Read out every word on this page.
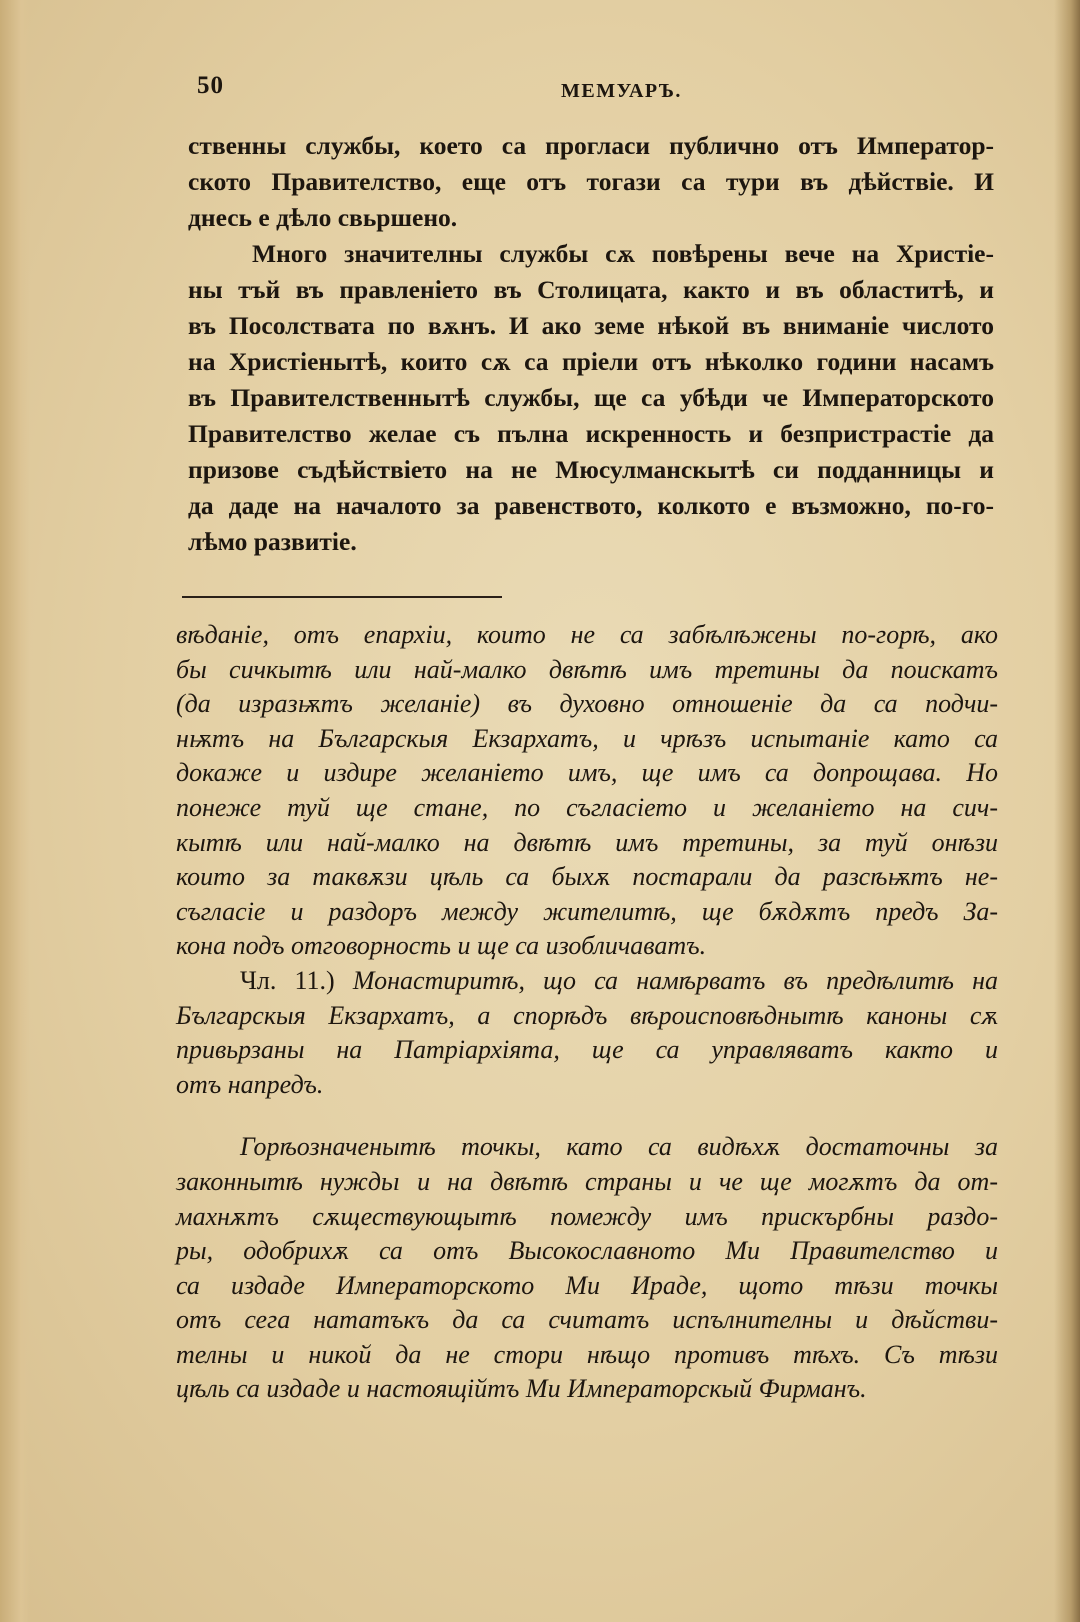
50	МЕМУАРЪ.
ственны службы, което са прогласи публично отъ Император-
ското Правителство, еще отъ тогази са тури въ дѣйствіе. И
днесь е дѣло свьршено.
Много значителны службы сѫ повѣрены вече на Христіе-
ны тъй въ правленіето въ Столицата, както и въ областитѣ, и
въ Посолствата по вѫнъ. И ако земе нѣкой въ вниманіе числото
на Христіенытѣ, които сѫ са пріели отъ нѣколко години насамъ
въ Правителственнытѣ службы, ще са убѣди че Императорското
Правителство желае съ пълна искренность и безпристрастіе да
призове съдѣйствіето на не Мюсулманскытѣ си подданницы и
да даде на началото за равенството, колкото е възможно, по-го-
лѣмо развитіе.
вѣданіе, отъ епархіи, които не са забѣлѣжены по-горѣ, ако
бы сичкытѣ или най-малко двѣтѣ имъ третины да поискатъ
(да изразѭтъ желаніе) въ духовно отношеніе да са подчи-
нѭтъ на Българскыя Екзархатъ, и чрѣзъ испытаніе като са
докаже и издире желаніето имъ, ще имъ са допрощава. Но
понеже туй ще стане, по съгласіето и желаніето на сич-
кытѣ или най-малко на двѣтѣ имъ третины, за туй онѣзи
които за таквѫзи цѣль са быхѫ постарали да разсѣѭтъ не-
съгласіе и раздоръ между жителитѣ, ще бѫдѫтъ предъ За-
кона подъ отговорность и ще са изобличаватъ.
Чл. 11.) Монастиритѣ, що са намѣрватъ въ предѣлитѣ на
Българскыя Екзархатъ, а спорѣдъ вѣроисповѣднытѣ каноны сѫ
привьрзаны на Патріархіята, ще са управляватъ както и
отъ напредъ.
Горѣозначенытѣ точкы, като са видѣхѫ достаточны за
законнытѣ нуждьı и на двѣтѣ страны и че ще могѫтъ да от-
махнѫтъ сѫществующытѣ помежду имъ прискърбны раздо-
ры, одобрихѫ са отъ Высокославното Ми Правителство и
са издаде Императорското Ми Ираде, щото тѣзи точкы
отъ сега нататъкъ да са считатъ испълнителны и дѣйстви-
телны и никой да не стори нѣщо противъ тѣхъ. Съ тѣзи
цѣль са издаде и настоящійтъ Ми Императорскый Фирманъ.
